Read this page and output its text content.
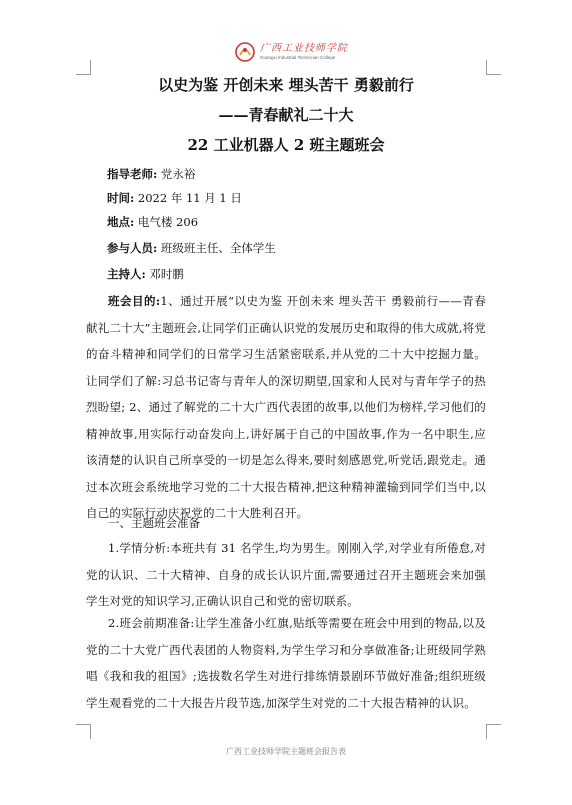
广西工业技师学院
Guangxi Industrial Technician College
以史为鉴 开创未来 埋头苦干 勇毅前行
——青春献礼二十大
22 工业机器人 2 班主题班会
指导老师: 党永裕
时间: 2022 年 11 月 1 日
地点: 电气楼 206
参与人员: 班级班主任、全体学生
主持人: 邓时鹏
班会目的:1、通过开展“以史为鉴 开创未来 埋头苦干 勇毅前行——青春献礼二十大”主题班会,让同学们正确认识党的发展历史和取得的伟大成就,将党的奋斗精神和同学们的日常学习生活紧密联系,并从党的二十大中挖掘力量。让同学们了解:习总书记寄与青年人的深切期望,国家和人民对与青年学子的热烈盼望; 2、通过了解党的二十大广西代表团的故事,以他们为榜样,学习他们的精神故事,用实际行动奋发向上,讲好属于自己的中国故事,作为一名中职生,应该清楚的认识自己所享受的一切是怎么得来,要时刻感恩党,听党话,跟党走。通过本次班会系统地学习党的二十大报告精神,把这种精神灌输到同学们当中,以自己的实际行动庆祝党的二十大胜利召开。
一、主题班会准备
1.学情分析:本班共有 31 名学生,均为男生。刚刚入学,对学业有所倦怠,对党的认识、二十大精神、自身的成长认识片面,需要通过召开主题班会来加强学生对党的知识学习,正确认识自己和党的密切联系。
2.班会前期准备:让学生准备小红旗,贴纸等需要在班会中用到的物品,以及党的二十大党广西代表团的人物资料,为学生学习和分享做准备;让班级同学熟唱《我和我的祖国》;选拔数名学生对进行排练情景剧环节做好准备;组织班级学生观看党的二十大报告片段节选,加深学生对党的二十大报告精神的认识。
广西工业技师学院主题班会报告表
